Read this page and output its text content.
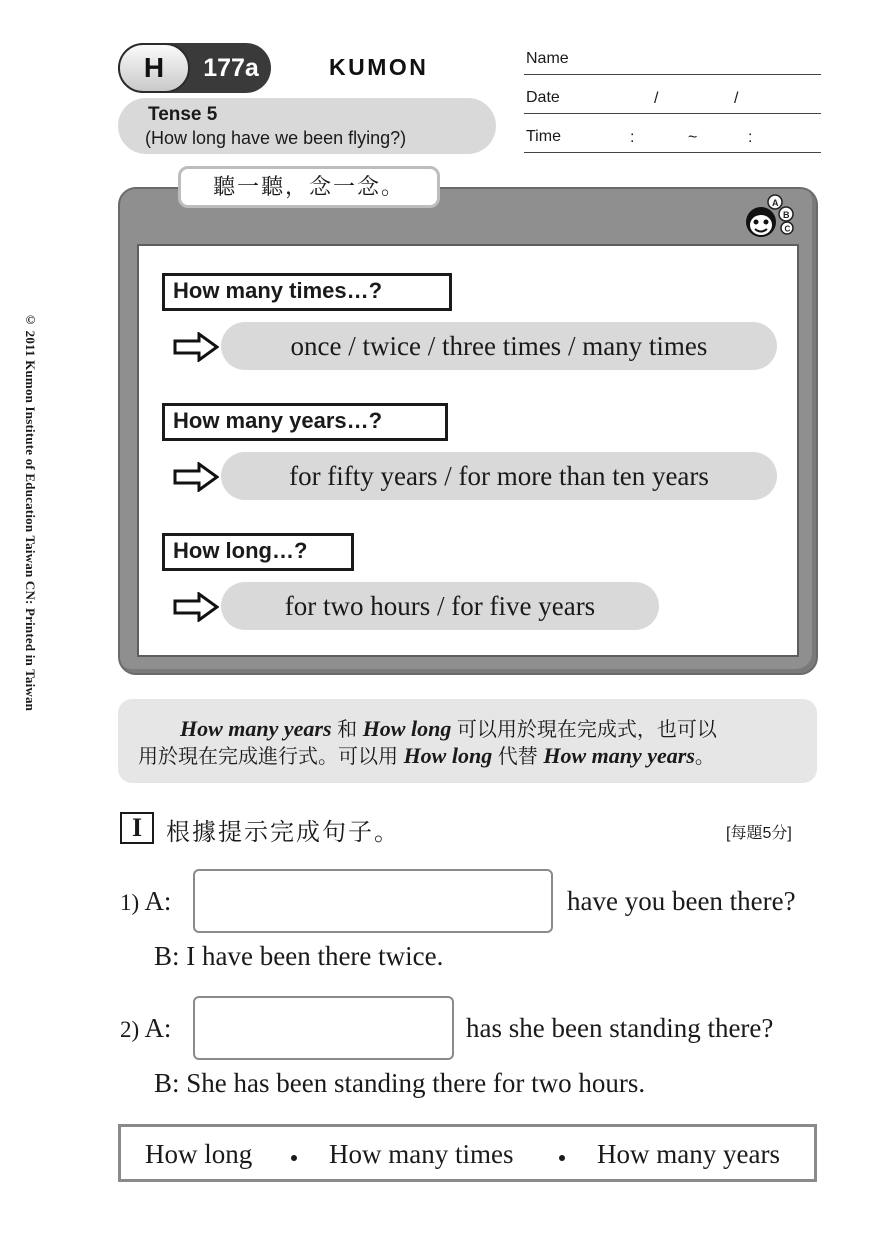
© 2011 Kumon Institute of Education Taiwan CN: Printed in Taiwan
H	177a	KUMON
Tense 5
(How long have we been flying?)
Name
Date	/	/
Time	:	~	:
聽一聽，念一念。
A
B
C
How many times…?
once / twice / three times / many times
How many years…?
for fifty years / for more than ten years
How long…?
for two hours / for five years
How many years 和 How long 可以用於現在完成式，也可以
用於現在完成進行式。可以用 How long 代替 How many years。
I 根據提示完成句子。	[每題5分]
1) A:	have you been there?
B: I have been there twice.
2) A:	has she been standing there?
B: She has been standing there for two hours.
How long	How many times	How many years
